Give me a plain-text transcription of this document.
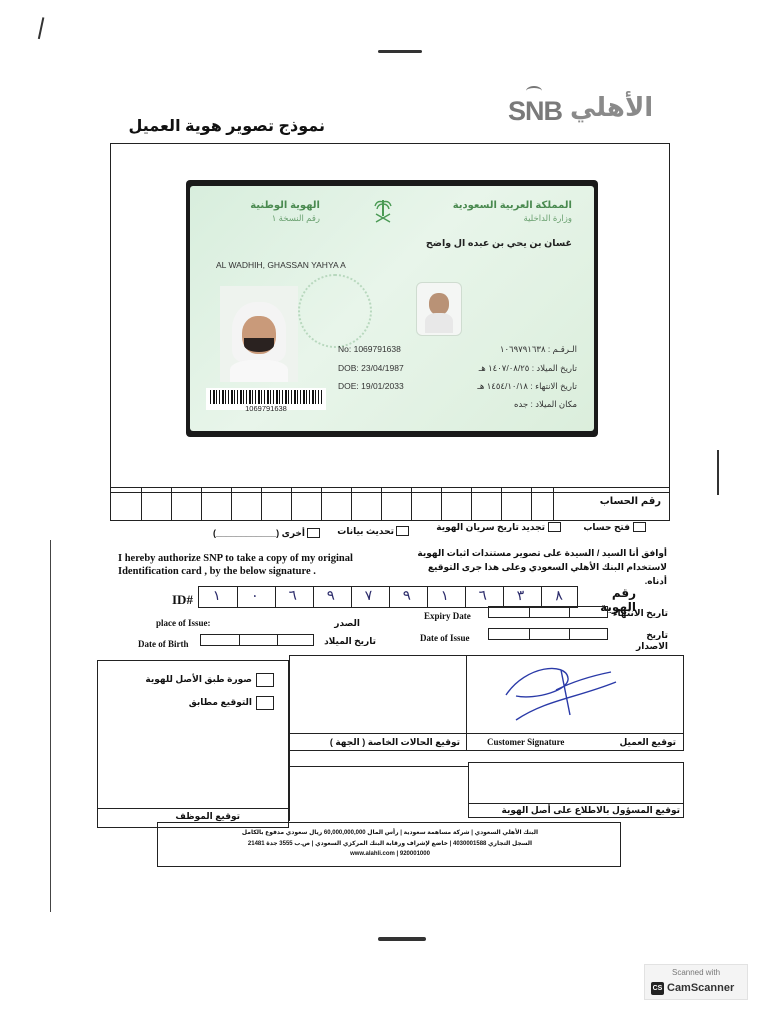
نموذج تصوير هوية العميل
SNB الأهلي
المملكة العربية السعودية
وزارة الداخلية
الهوية الوطنية
رقم النسخة ١
غسان بن يحي بن عبده ال واضح
AL WADHIH, GHASSAN YAHYA A
No: 1069791638
DOB: 23/04/1987
DOE: 19/01/2033
الـرقـم : ١٠٦٩٧٩١٦٣٨
تاريخ الميلاد : ١٤٠٧/٠٨/٢٥ هـ
تاريخ الانتهاء : ١٤٥٤/١٠/١٨ هـ
مكان الميلاد : جده
1069791638
رقم الحساب
فتح حساب
تجديد تاريخ سريان الهوية
تحديث بيانات
أخرى (____________)
I hereby authorize SNP to take a copy of my original Identification card , by the below signature .
أوافق أنا السيد / السيدة على تصوير مستندات اثبات الهوية لاستخدام البنك الأهلي السعودي وعلى هذا جرى التوقيع أدناه.
ID# ١ ٠ ٦ ٩ ٧ ٩ ١ ٦ ٣ ٨	رقم الهوية
Expiry Date	تاريخ الانتهاء
place of Issue:	الصدر
Date of Issue	تاريخ الاصدار
Date of Birth	تاريخ الميلاد
صورة طبق الأصل للهوية
التوقيع مطابق
توقيع الموظف
توقيع الحالات الخاصة ( الجهة )	Customer Signature	توقيع العميل
توقيع المسؤول بالاطلاع على أصل الهوية
البنك الأهلي السعودي | شركة مساهمة سعودية | رأس المال 60,000,000,000 ريال سعودي مدفوع بالكامل
السجل التجاري 4030001588 | خاضع لإشراف ورقابة البنك المركزي السعودي | ص.ب 3555 جدة 21481
www.alahli.com | 920001000
Scanned with
CS CamScanner
